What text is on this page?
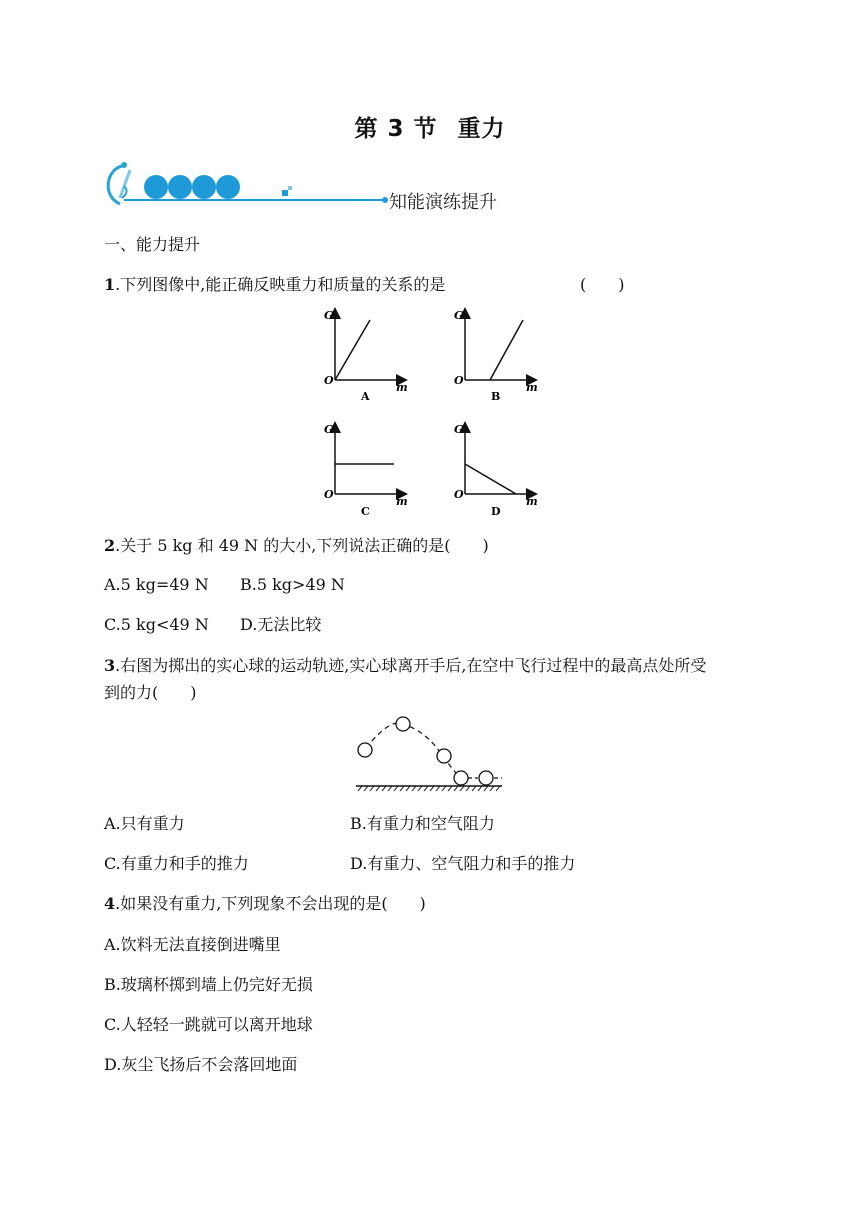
第 3 节 重力
知能演练提升
一、能力提升
1.下列图像中,能正确反映重力和质量的关系的是	(　　)
G
m
O
A
G
m
O
B
G
m
O
C
G
m
O
D
2.关于 5 kg 和 49 N 的大小,下列说法正确的是(　　)
A.5 kg=49 N B.5 kg>49 N
C.5 kg<49 N D.无法比较
3.右图为掷出的实心球的运动轨迹,实心球离开手后,在空中飞行过程中的最高点处所受
到的力(　　)
A.只有重力	B.有重力和空气阻力
C.有重力和手的推力	D.有重力、空气阻力和手的推力
4.如果没有重力,下列现象不会出现的是(　　)
A.饮料无法直接倒进嘴里
B.玻璃杯掷到墙上仍完好无损
C.人轻轻一跳就可以离开地球
D.灰尘飞扬后不会落回地面
